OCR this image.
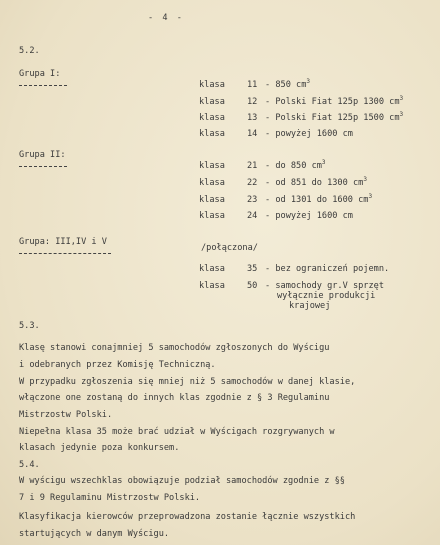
- 4 -
5.2.
Grupa I:
klasa	11 - 850 $cm^3$
klasa	12 - Polski Fiat 125p 1300 $cm^3$
klasa	13 - Polski Fiat 125p 1500 $cm^3$
klasa	14 - powyżej 1600 cm
Grupa II:
klasa	21 - do 850 $cm^3$
klasa	22 - od 851 do 1300 $cm^3$
klasa	23 - od 1301 do 1600 $cm^3$
klasa	24 - powyżej 1600 cm
Grupa: III,IV i V
/połączona/
klasa	35 - bez ograniczeń pojemn.
klasa	50 - samochody gr.V sprzęt
wyłącznie produkcji
krajowej
5.3.
Klasę stanowi conajmniej 5 samochodów zgłoszonych do Wyścigu
i odebranych przez Komisję Techniczną.
W przypadku zgłoszenia się mniej niż 5 samochodów w danej klasie,
włączone one zostaną do innych klas zgodnie z § 3 Regulaminu
Mistrzostw Polski.
Niepełna klasa 35 może brać udział w Wyścigach rozgrywanych w
klasach jedynie poza konkursem.
5.4.
W wyścigu wszechklas obowiązuje podział samochodów zgodnie z §§
7 i 9 Regulaminu Mistrzostw Polski.
Klasyfikacja kierowców przeprowadzona zostanie łącznie wszystkich
startujących w danym Wyścigu.
